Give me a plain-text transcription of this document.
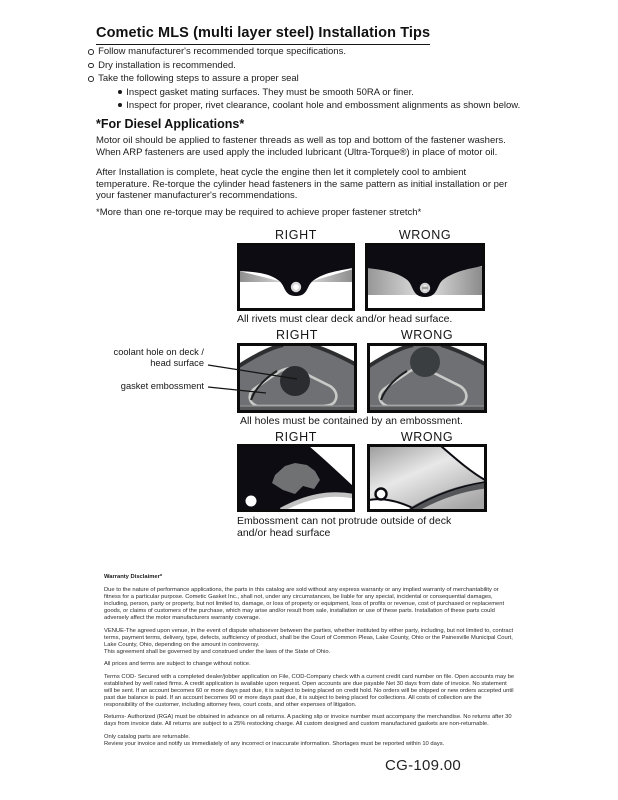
Cometic MLS (multi layer steel) Installation Tips
Follow manufacturer's recommended torque specifications.
Dry installation is recommended.
Take the following steps to assure a proper seal
Inspect gasket mating surfaces. They must be smooth 50RA or finer.
Inspect for proper, rivet clearance, coolant hole and embossment alignments as shown below.
*For Diesel Applications*
Motor oil should be applied to fastener threads as well as top and bottom of the fastener washers. When ARP fasteners are used apply the included lubricant (Ultra-Torque®) in place of motor oil.
After Installation is complete, heat cycle the engine then let it completely cool to ambient temperature. Re-torque the cylinder head fasteners in the same pattern as initial installation or per your fastener manufacturer's recommendations.
*More than one re-torque may be required to achieve proper fastener stretch*
RIGHT	WRONG
All rivets must clear deck and/or head surface.
RIGHT	WRONG
coolant hole on deck / head surface
gasket embossment
All holes must be contained by an embossment.
RIGHT	WRONG
Embossment can not protrude outside of deck and/or head surface

Warranty Disclaimer*

Due to the nature of performance applications, the parts in this catalog are sold without any express warranty or any implied warranty of merchantability or fitness for a particular purpose. Cometic Gasket Inc., shall not, under any circumstances, be liable for any special, incidental or consequential damages, including, person, party or property, but not limited to, damage, or loss of property or equipment, loss of profits or revenue, cost of purchased or replacement goods, or claims of customers of the purchase, which may arise and/or result from sale, installation or use of these parts. Installation of these parts could adversely affect the motor manufacturers warranty coverage.

VENUE-The agreed upon venue, in the event of dispute whatsoever between the parties, whether instituted by either party, including, but not limited to, contract terms, payment terms, delivery, type, defects, sufficiency of product, shall be the Court of Common Pleas, Lake County, Ohio or the Painesville Municipal Court, Lake County, Ohio, depending on the amount in controversy.

This agreement shall be governed by and construed under the laws of the State of Ohio.

All prices and terms are subject to change without notice.

Terms COD- Secured with a completed dealer/jobber application on File, COD-Company check with a current credit card number on file. Open accounts may be established by well rated firms. A credit application is available upon request. Open accounts are due payable Net 30 days from date of invoice. No statement will be sent. If an account becomes 60 or more days past due, it is subject to being placed on credit hold. No orders will be shipped or new orders accepted until past due balance is paid. If an account becomes 90 or more days past due, it is subject to being placed for collections. All costs of collection are the responsibility of the customer, including attorney fees, court costs, and other expenses of litigation.

Returns- Authorized (RGA) must be obtained in advance on all returns. A packing slip or invoice number must accompany the merchandise. No returns after 30 days from invoice date. All returns are subject to a 25% restocking charge. All custom designed and custom manufactured gaskets are non-returnable.

Only catalog parts are returnable.

Review your invoice and notify us immediately of any incorrect or inaccurate information. Shortages must be reported within 10 days.

CG-109.00
